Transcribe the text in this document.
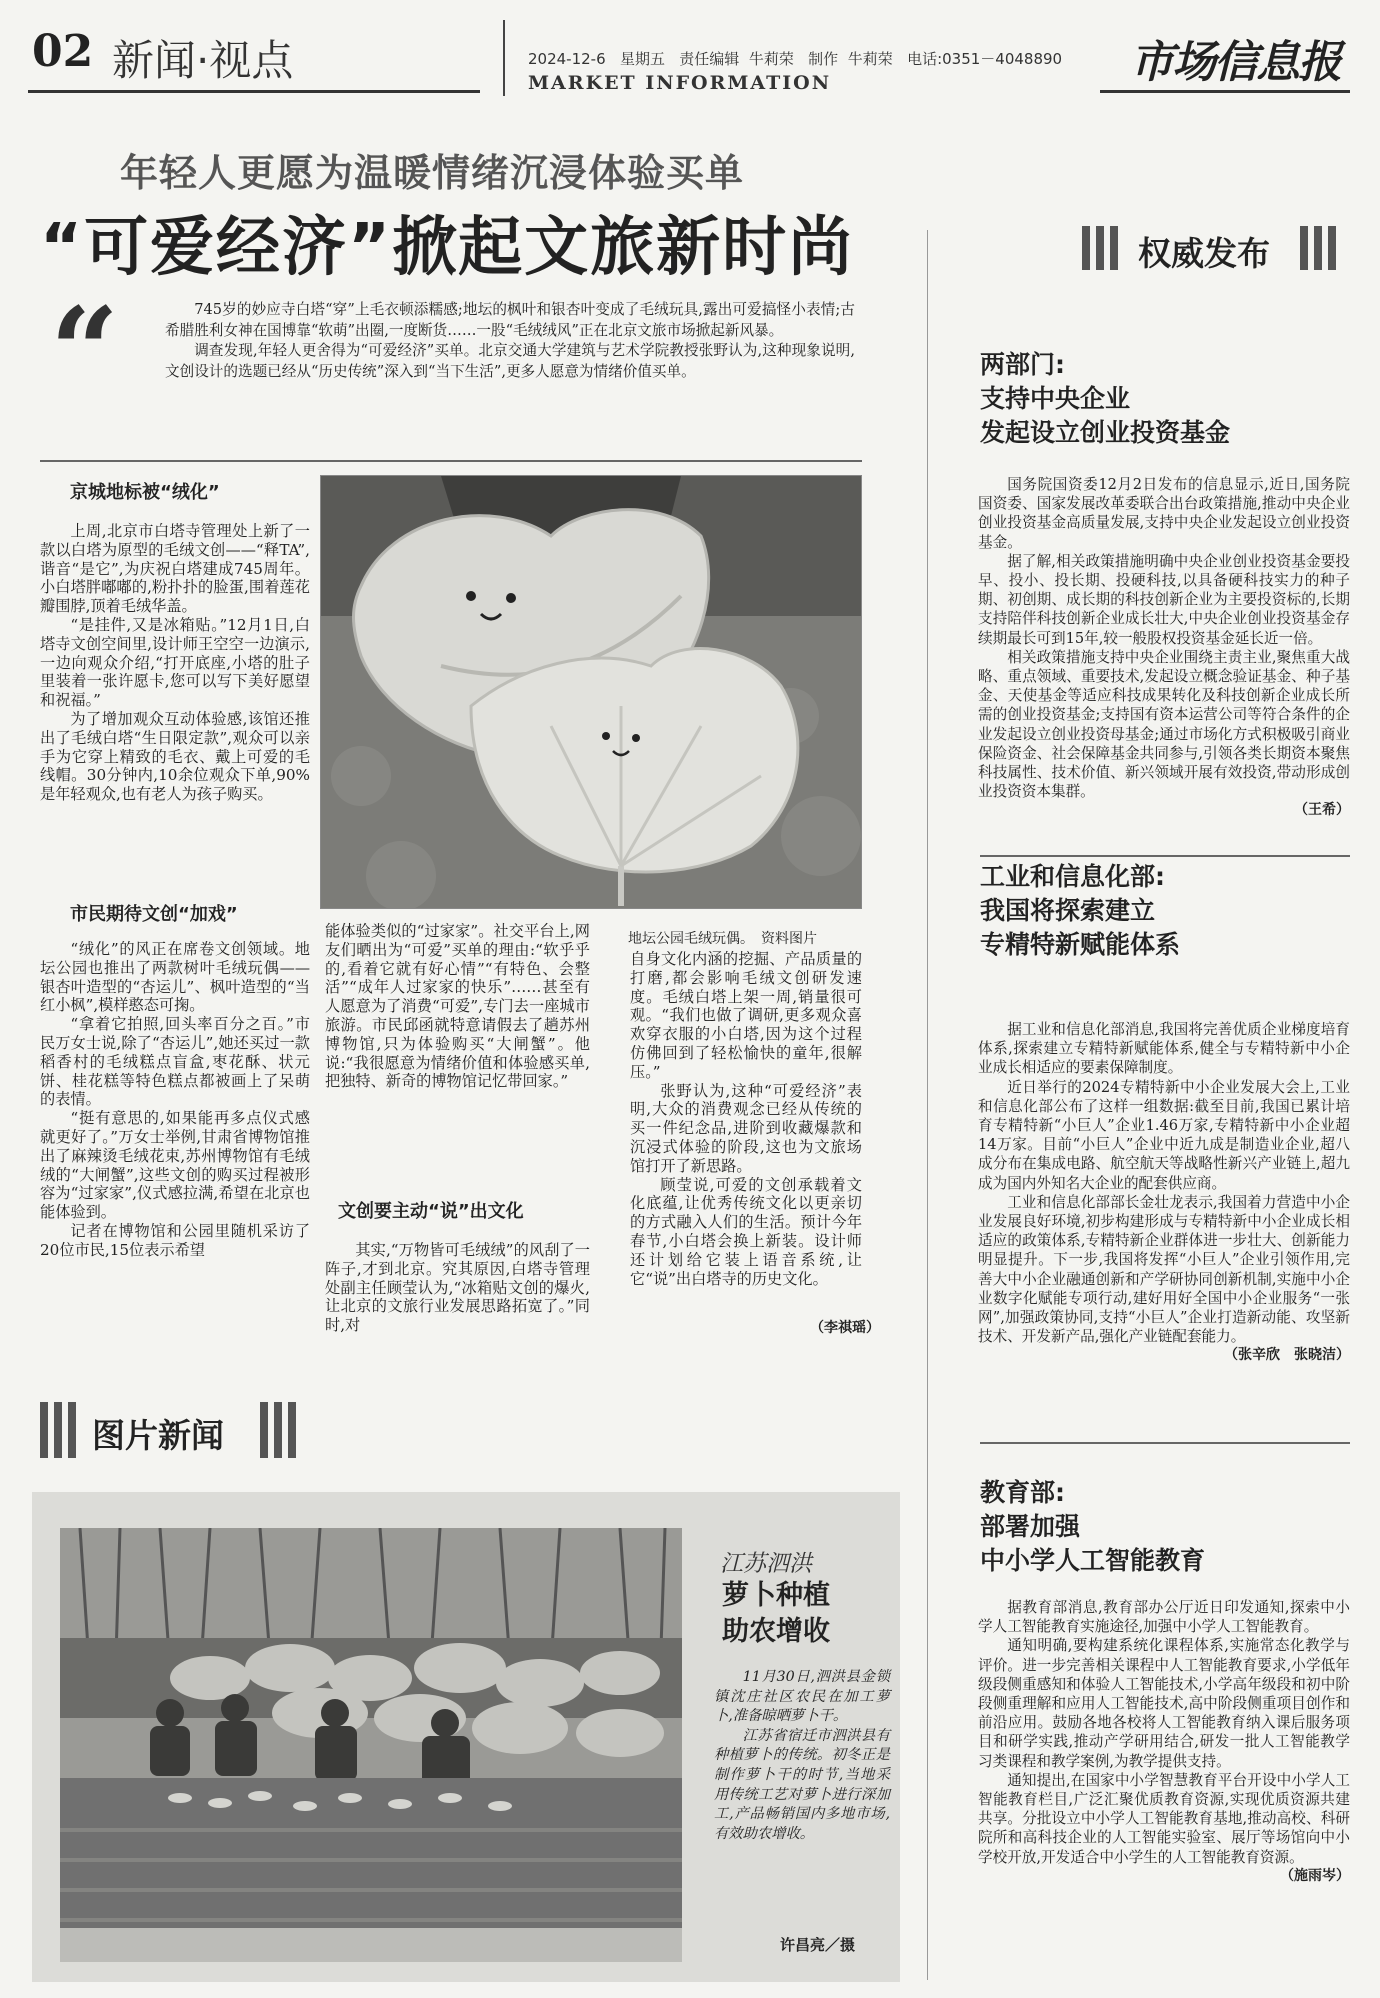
02 新闻·视点	2024-12-6 星期五 责任编辑 牛莉荣 制作 牛莉荣 电话:0351－4048890
MARKET INFORMATION	市场信息报
年轻人更愿为温暖情绪沉浸体验买单
“可爱经济”掀起文旅新时尚
“	745岁的妙应寺白塔“穿”上毛衣顿添糯感;地坛的枫叶和银杏叶变成了毛绒玩具,露出可爱搞怪小表情;古希腊胜利女神在国博靠“软萌”出圈,一度断货……一股“毛绒绒风”正在北京文旅市场掀起新风暴。

调查发现,年轻人更舍得为“可爱经济”买单。北京交通大学建筑与艺术学院教授张野认为,这种现象说明,文创设计的选题已经从“历史传统”深入到“当下生活”,更多人愿意为情绪价值买单。

京城地标被“绒化”

上周,北京市白塔寺管理处上新了一款以白塔为原型的毛绒文创——“释TA”,谐音“是它”,为庆祝白塔建成745周年。小白塔胖嘟嘟的,粉扑扑的脸蛋,围着莲花瓣围脖,顶着毛绒华盖。

“是挂件,又是冰箱贴。”12月1日,白塔寺文创空间里,设计师王空空一边演示,一边向观众介绍,“打开底座,小塔的肚子里装着一张许愿卡,您可以写下美好愿望和祝福。”

为了增加观众互动体验感,该馆还推出了毛绒白塔“生日限定款”,观众可以亲手为它穿上精致的毛衣、戴上可爱的毛线帽。30分钟内,10余位观众下单,90%是年轻观众,也有老人为孩子购买。

地坛公园毛绒玩偶。　资料图片
市民期待文创“加戏”

“绒化”的风正在席卷文创领域。地坛公园也推出了两款树叶毛绒玩偶——银杏叶造型的“杏运儿”、枫叶造型的“当红小枫”,模样憨态可掬。

“拿着它拍照,回头率百分之百。”市民万女士说,除了“杏运儿”,她还买过一款稻香村的毛绒糕点盲盒,枣花酥、状元饼、桂花糕等特色糕点都被画上了呆萌的表情。

“挺有意思的,如果能再多点仪式感就更好了。”万女士举例,甘肃省博物馆推出了麻辣烫毛绒花束,苏州博物馆有毛绒绒的“大闸蟹”,这些文创的购买过程被形容为“过家家”,仪式感拉满,希望在北京也能体验到。

记者在博物馆和公园里随机采访了20位市民,15位表示希望

能体验类似的“过家家”。社交平台上,网友们晒出为“可爱”买单的理由:“软乎乎的,看着它就有好心情”“有特色、会整活”“成年人过家家的快乐”……甚至有人愿意为了消费“可爱”,专门去一座城市旅游。市民邱函就特意请假去了趟苏州博物馆,只为体验购买“大闸蟹”。他说:“我很愿意为情绪价值和体验感买单,把独特、新奇的博物馆记忆带回家。”

文创要主动“说”出文化

其实,“万物皆可毛绒绒”的风刮了一阵子,才到北京。究其原因,白塔寺管理处副主任顾莹认为,“冰箱贴文创的爆火,让北京的文旅行业发展思路拓宽了。”同时,对

自身文化内涵的挖掘、产品质量的打磨,都会影响毛绒文创研发速度。毛绒白塔上架一周,销量很可观。“我们也做了调研,更多观众喜欢穿衣服的小白塔,因为这个过程仿佛回到了轻松愉快的童年,很解压。”

张野认为,这种“可爱经济”表明,大众的消费观念已经从传统的买一件纪念品,进阶到收藏爆款和沉浸式体验的阶段,这也为文旅场馆打开了新思路。

顾莹说,可爱的文创承载着文化底蕴,让优秀传统文化以更亲切的方式融入人们的生活。预计今年春节,小白塔会换上新装。设计师还计划给它装上语音系统,让它“说”出白塔寺的历史文化。

（李祺瑶）
权威发布
两部门:
支持中央企业
发起设立创业投资基金

国务院国资委12月2日发布的信息显示,近日,国务院国资委、国家发展改革委联合出台政策措施,推动中央企业创业投资基金高质量发展,支持中央企业发起设立创业投资基金。

据了解,相关政策措施明确中央企业创业投资基金要投早、投小、投长期、投硬科技,以具备硬科技实力的种子期、初创期、成长期的科技创新企业为主要投资标的,长期支持陪伴科技创新企业成长壮大,中央企业创业投资基金存续期最长可到15年,较一般股权投资基金延长近一倍。

相关政策措施支持中央企业围绕主责主业,聚焦重大战略、重点领域、重要技术,发起设立概念验证基金、种子基金、天使基金等适应科技成果转化及科技创新企业成长所需的创业投资基金;支持国有资本运营公司等符合条件的企业发起设立创业投资母基金;通过市场化方式积极吸引商业保险资金、社会保障基金共同参与,引领各类长期资本聚焦科技属性、技术价值、新兴领域开展有效投资,带动形成创业投资资本集群。

（王希）
工业和信息化部:
我国将探索建立
专精特新赋能体系

据工业和信息化部消息,我国将完善优质企业梯度培育体系,探索建立专精特新赋能体系,健全与专精特新中小企业成长相适应的要素保障制度。

近日举行的2024专精特新中小企业发展大会上,工业和信息化部公布了这样一组数据:截至目前,我国已累计培育专精特新“小巨人”企业1.46万家,专精特新中小企业超14万家。目前“小巨人”企业中近九成是制造业企业,超八成分布在集成电路、航空航天等战略性新兴产业链上,超九成为国内外知名大企业的配套供应商。

工业和信息化部部长金壮龙表示,我国着力营造中小企业发展良好环境,初步构建形成与专精特新中小企业成长相适应的政策体系,专精特新企业群体进一步壮大、创新能力明显提升。下一步,我国将发挥“小巨人”企业引领作用,完善大中小企业融通创新和产学研协同创新机制,实施中小企业数字化赋能专项行动,建好用好全国中小企业服务“一张网”,加强政策协同,支持“小巨人”企业打造新动能、攻坚新技术、开发新产品,强化产业链配套能力。

（张辛欣　张晓洁）
教育部:
部署加强
中小学人工智能教育

据教育部消息,教育部办公厅近日印发通知,探索中小学人工智能教育实施途径,加强中小学人工智能教育。

通知明确,要构建系统化课程体系,实施常态化教学与评价。进一步完善相关课程中人工智能教育要求,小学低年级段侧重感知和体验人工智能技术,小学高年级段和初中阶段侧重理解和应用人工智能技术,高中阶段侧重项目创作和前沿应用。鼓励各地各校将人工智能教育纳入课后服务项目和研学实践,推动产学研用结合,研发一批人工智能教学习类课程和教学案例,为教学提供支持。

通知提出,在国家中小学智慧教育平台开设中小学人工智能教育栏目,广泛汇聚优质教育资源,实现优质资源共建共享。分批设立中小学人工智能教育基地,推动高校、科研院所和高科技企业的人工智能实验室、展厅等场馆向中小学校开放,开发适合中小学生的人工智能教育资源。

（施雨岑）
图片新闻
江苏泗洪
萝卜种植
助农增收

11月30日,泗洪县金锁镇沈庄社区农民在加工萝卜,准备晾晒萝卜干。

江苏省宿迁市泗洪县有种植萝卜的传统。初冬正是制作萝卜干的时节,当地采用传统工艺对萝卜进行深加工,产品畅销国内多地市场,有效助农增收。

许昌亮／摄
